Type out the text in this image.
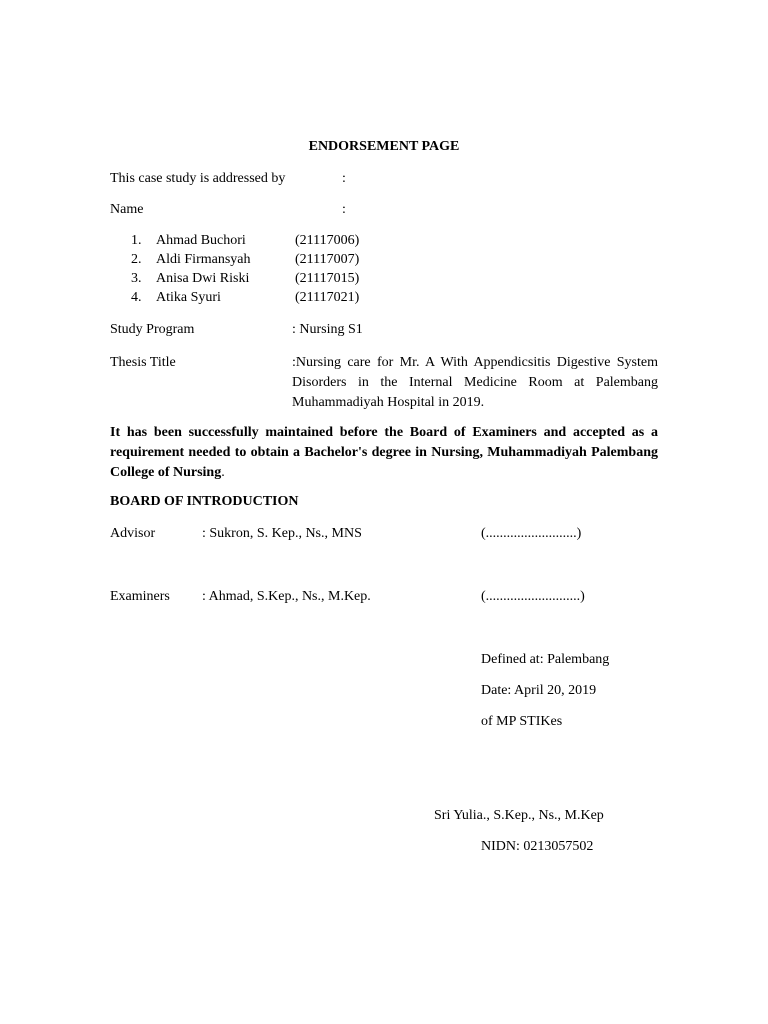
ENDORSEMENT PAGE
This case study is addressed by	:
Name	:
1. Ahmad Buchori	(21117006)
2. Aldi Firmansyah	(21117007)
3. Anisa Dwi Riski	(21117015)
4. Atika Syuri	(21117021)
Study Program	: Nursing S1
Thesis Title	:Nursing care for Mr. A With Appendicsitis Digestive System Disorders in the Internal Medicine Room at Palembang Muhammadiyah Hospital in 2019.
It has been successfully maintained before the Board of Examiners and accepted as a requirement needed to obtain a Bachelor's degree in Nursing, Muhammadiyah Palembang College of Nursing.
BOARD OF INTRODUCTION
Advisor	: Sukron, S. Kep., Ns., MNS	(..........................)
Examiners : Ahmad, S.Kep., Ns., M.Kep.	(...........................)
Defined at: Palembang
Date: April 20, 2019
of MP STIKes
Sri Yulia., S.Kep., Ns., M.Kep
NIDN: 0213057502
